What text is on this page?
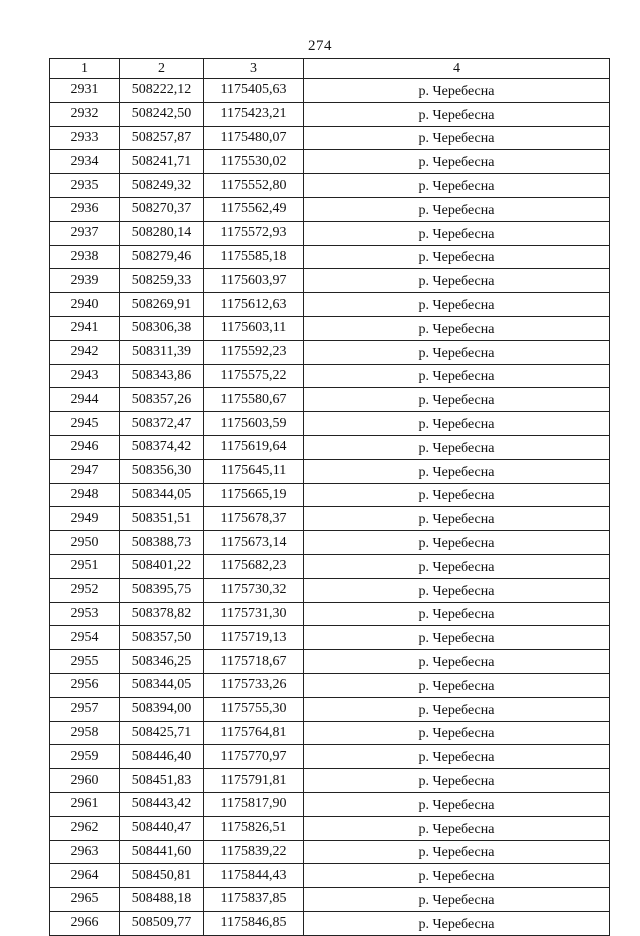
274
1	2	3	4
2931	508222,12	1175405,63	р. Черебесна
2932	508242,50	1175423,21	р. Черебесна
2933	508257,87	1175480,07	р. Черебесна
2934	508241,71	1175530,02	р. Черебесна
2935	508249,32	1175552,80	р. Черебесна
2936	508270,37	1175562,49	р. Черебесна
2937	508280,14	1175572,93	р. Черебесна
2938	508279,46	1175585,18	р. Черебесна
2939	508259,33	1175603,97	р. Черебесна
2940	508269,91	1175612,63	р. Черебесна
2941	508306,38	1175603,11	р. Черебесна
2942	508311,39	1175592,23	р. Черебесна
2943	508343,86	1175575,22	р. Черебесна
2944	508357,26	1175580,67	р. Черебесна
2945	508372,47	1175603,59	р. Черебесна
2946	508374,42	1175619,64	р. Черебесна
2947	508356,30	1175645,11	р. Черебесна
2948	508344,05	1175665,19	р. Черебесна
2949	508351,51	1175678,37	р. Черебесна
2950	508388,73	1175673,14	р. Черебесна
2951	508401,22	1175682,23	р. Черебесна
2952	508395,75	1175730,32	р. Черебесна
2953	508378,82	1175731,30	р. Черебесна
2954	508357,50	1175719,13	р. Черебесна
2955	508346,25	1175718,67	р. Черебесна
2956	508344,05	1175733,26	р. Черебесна
2957	508394,00	1175755,30	р. Черебесна
2958	508425,71	1175764,81	р. Черебесна
2959	508446,40	1175770,97	р. Черебесна
2960	508451,83	1175791,81	р. Черебесна
2961	508443,42	1175817,90	р. Черебесна
2962	508440,47	1175826,51	р. Черебесна
2963	508441,60	1175839,22	р. Черебесна
2964	508450,81	1175844,43	р. Черебесна
2965	508488,18	1175837,85	р. Черебесна
2966	508509,77	1175846,85	р. Черебесна
